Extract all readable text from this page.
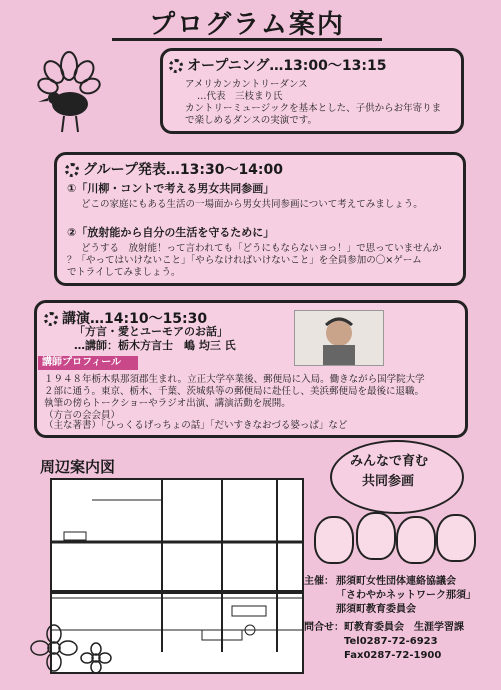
プログラム案内
オープニング…13:00〜13:15
アメリカンカントリーダンス
…代表　三枝まり氏
カントリーミュージックを基本とした、子供からお年寄りま
で楽しめるダンスの実演です。
グループ発表…13:30〜14:00
①「川柳・コントで考える男女共同参画」
どこの家庭にもある生活の一場面から男女共同参画について考えてみましょう。
②「放射能から自分の生活を守るために」
どうする　放射能！って言われても「どうにもならないヨっ！」で思っていませんか
？「やってはいけないこと」「やらなければいけないこと」を全員参加の〇×ゲーム
でトライしてみましょう。
講演…14:10〜15:30
「方言・愛とユーモアのお話」
…講師：栃木方言士　嶋 均三 氏
講師プロフィール
１９４８年栃木県那須郡生まれ。立正大学卒業後、郵便局に入局。働きながら国学院大学
２部に通う。東京、栃木、千葉、茨城県等の郵便局に赴任し、美浜郵便局を最後に退職。
執筆の傍らトークショーやラジオ出演、講演活動を展開。
（方言の会会員）
（主な著書）「ひっくるげっちょの話」「だいすきなおづる婆っぱ」など
周辺案内図	みんなで育む
共同参画
主催： 那須町女性団体連絡協議会
「さわやかネットワーク那須」
那須町教育委員会
問合せ： 町教育委員会　生涯学習課
Tel0287-72-6923
Fax0287-72-1900
